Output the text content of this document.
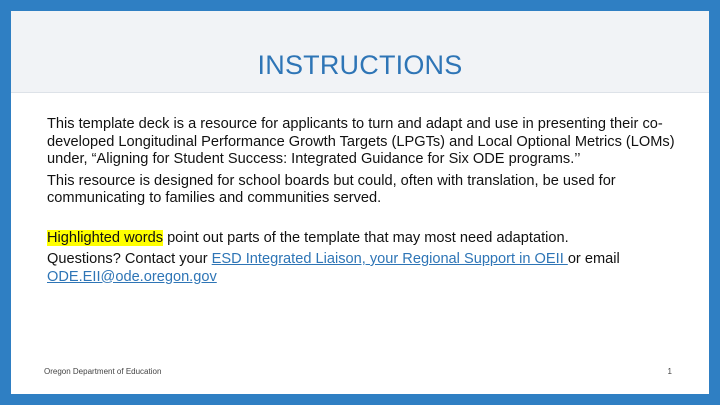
INSTRUCTIONS

This template deck is a resource for applicants to turn and adapt and use in presenting their co-developed Longitudinal Performance Growth Targets (LPGTs) and Local Optional Metrics (LOMs) under, “Aligning for Student Success: Integrated Guidance for Six ODE programs.’’

This resource is designed for school boards but could, often with translation, be used for communicating to families and communities served.

Highlighted words point out parts of the template that may most need adaptation.

Questions? Contact your ESD Integrated Liaison, your Regional Support in OEII or email ODE.EII@ode.oregon.gov

Oregon Department of Education	1
